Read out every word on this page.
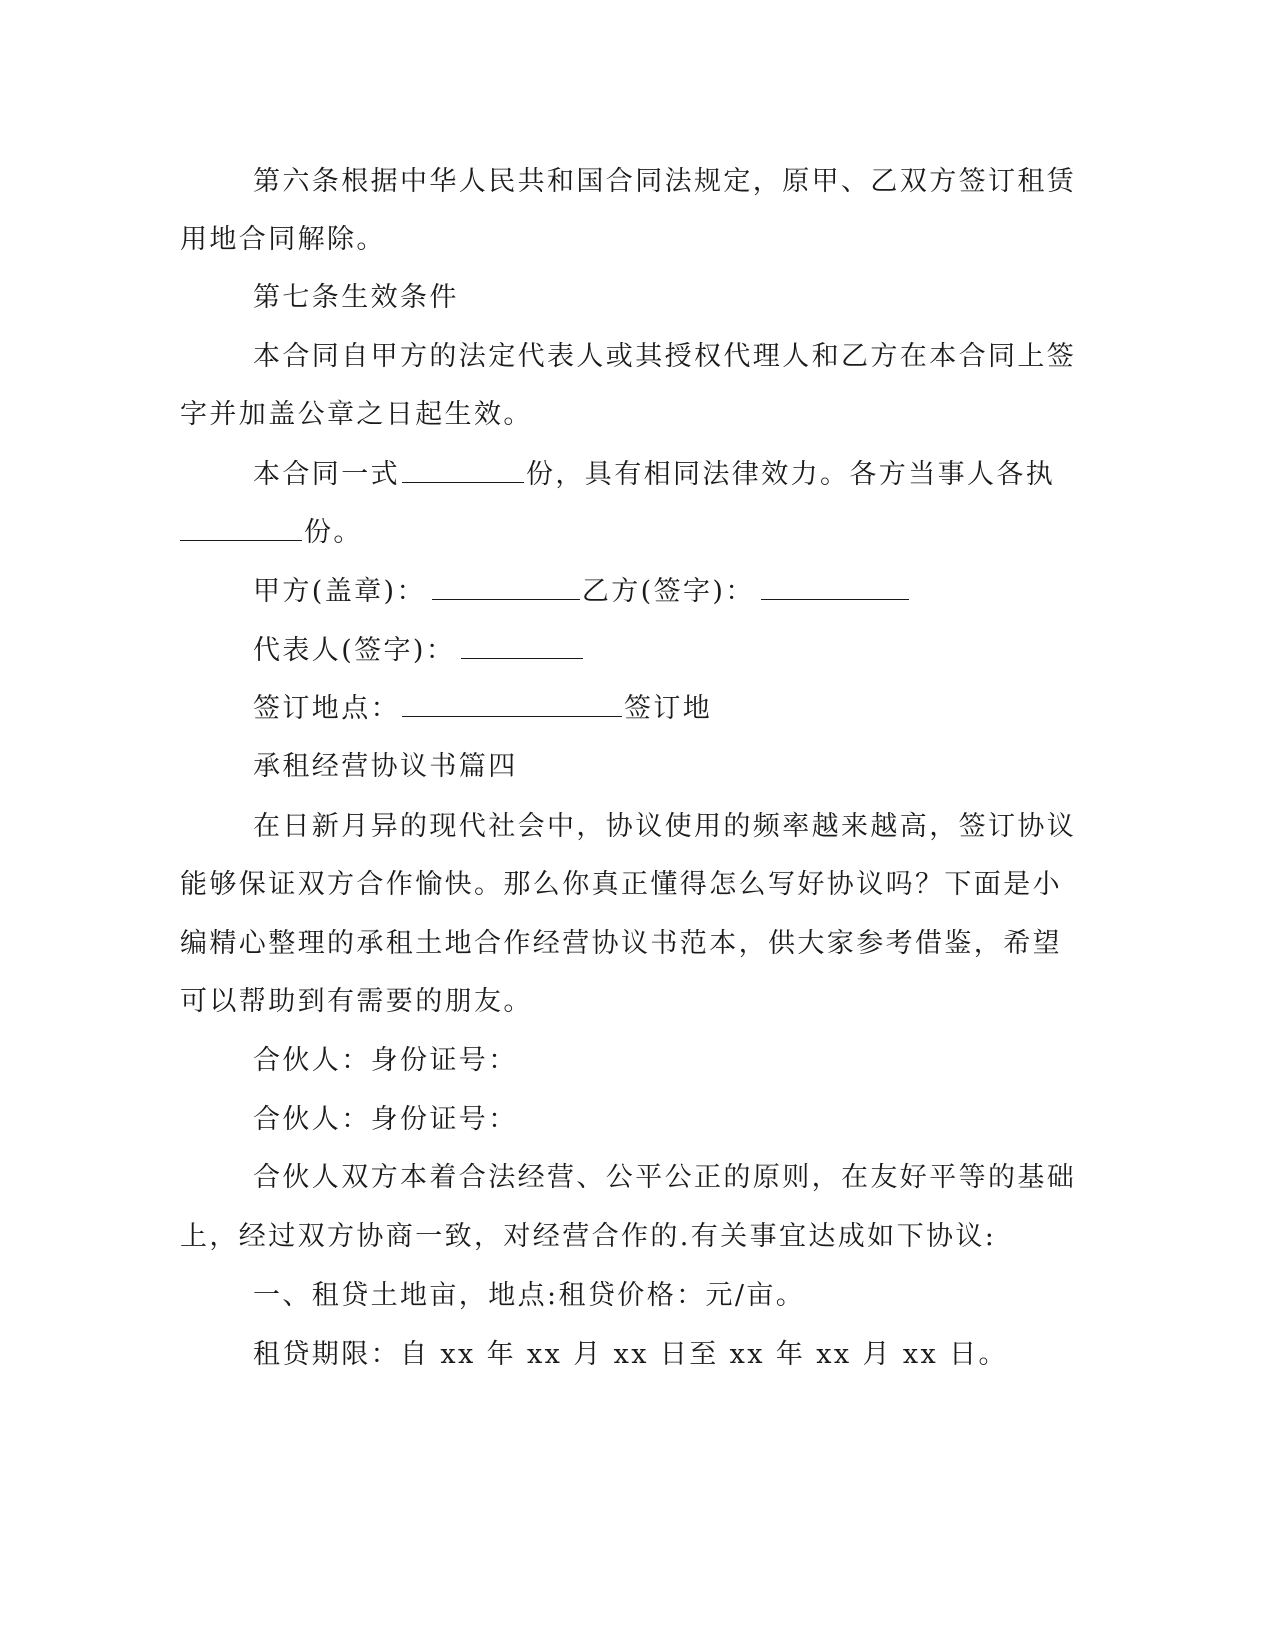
第六条根据中华人民共和国合同法规定，原甲、乙双方签订租赁
用地合同解除。
第七条生效条件
本合同自甲方的法定代表人或其授权代理人和乙方在本合同上签
字并加盖公章之日起生效。
本合同一式	份，具有相同法律效力。各方当事人各执
份。
甲方(盖章)：	乙方(签字)：
代表人(签字)：
签订地点：	签订地
承租经营协议书篇四
在日新月异的现代社会中，协议使用的频率越来越高，签订协议
能够保证双方合作愉快。那么你真正懂得怎么写好协议吗？下面是小
编精心整理的承租土地合作经营协议书范本，供大家参考借鉴，希望
可以帮助到有需要的朋友。
合伙人：身份证号：
合伙人：身份证号：
合伙人双方本着合法经营、公平公正的原则，在友好平等的基础
上，经过双方协商一致，对经营合作的.有关事宜达成如下协议:
一、租贷土地亩，地点:租贷价格：元/亩。
租贷期限：自 xx 年 xx 月 xx 日至 xx 年 xx 月 xx 日。
